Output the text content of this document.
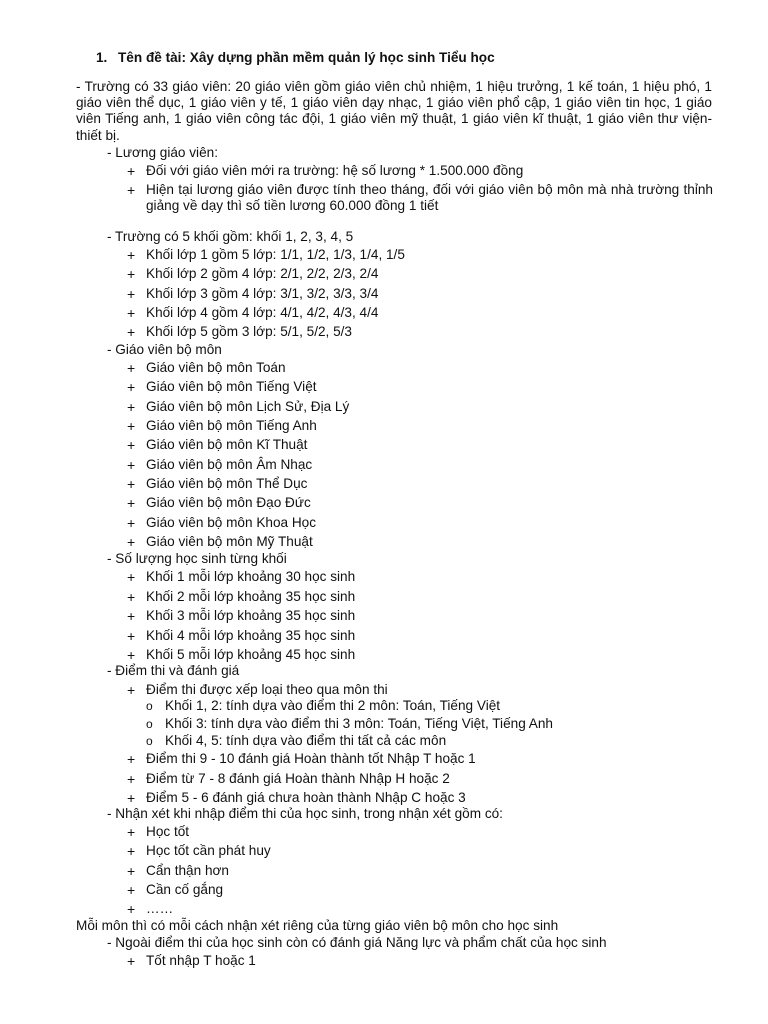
1. Tên đề tài: Xây dựng phần mềm quản lý học sinh Tiểu học
- Trường có 33 giáo viên: 20 giáo viên gồm giáo viên chủ nhiệm, 1 hiệu trưởng, 1 kế toán, 1 hiệu phó, 1 giáo viên thể dục, 1 giáo viên y tế, 1 giáo viên dạy nhạc, 1 giáo viên phổ cập, 1 giáo viên tin học, 1 giáo viên Tiếng anh, 1 giáo viên công tác đội, 1 giáo viên mỹ thuật, 1 giáo viên kĩ thuật, 1 giáo viên thư viện-thiết bị.
- Lương giáo viên:
+ Đối với giáo viên mới ra trường: hệ số lương * 1.500.000 đồng
+ Hiện tại lương giáo viên được tính theo tháng, đối với giáo viên bộ môn mà nhà trường thỉnh giảng về dạy thì số tiền lương 60.000 đồng 1 tiết
- Trường có 5 khối gồm: khối 1, 2, 3, 4, 5
+ Khối lớp 1 gồm 5 lớp: 1/1, 1/2, 1/3, 1/4, 1/5
+ Khối lớp 2 gồm 4 lớp: 2/1, 2/2, 2/3, 2/4
+ Khối lớp 3 gồm 4 lớp: 3/1, 3/2, 3/3, 3/4
+ Khối lớp 4 gồm 4 lớp: 4/1, 4/2, 4/3, 4/4
+ Khối lớp 5 gồm 3 lớp: 5/1, 5/2, 5/3
- Giáo viên bộ môn
+ Giáo viên bộ môn Toán
+ Giáo viên bộ môn Tiếng Việt
+ Giáo viên bộ môn Lịch Sử, Địa Lý
+ Giáo viên bộ môn Tiếng Anh
+ Giáo viên bộ môn Kĩ Thuật
+ Giáo viên bộ môn Âm Nhạc
+ Giáo viên bộ môn Thể Dục
+ Giáo viên bộ môn Đạo Đức
+ Giáo viên bộ môn Khoa Học
+ Giáo viên bộ môn Mỹ Thuật
- Số lượng học sinh từng khối
+ Khối 1 mỗi lớp khoảng 30 học sinh
+ Khối 2 mỗi lớp khoảng 35 học sinh
+ Khối 3 mỗi lớp khoảng 35 học sinh
+ Khối 4 mỗi lớp khoảng 35 học sinh
+ Khối 5 mỗi lớp khoảng 45 học sinh
- Điểm thi và đánh giá
+ Điểm thi được xếp loại theo qua môn thi
o Khối 1, 2: tính dựa vào điểm thi 2 môn: Toán, Tiếng Việt
o Khối 3: tính dựa vào điểm thi 3 môn: Toán, Tiếng Việt, Tiếng Anh
o Khối 4, 5: tính dựa vào điểm thi tất cả các môn
+ Điểm thi 9 - 10 đánh giá Hoàn thành tốt Nhập T hoặc 1
+ Điểm từ 7 - 8 đánh giá Hoàn thành Nhập H hoặc 2
+ Điểm 5 - 6 đánh giá chưa hoàn thành Nhập C hoặc 3
- Nhận xét khi nhập điểm thi của học sinh, trong nhận xét gồm có:
+ Học tốt
+ Học tốt cần phát huy
+ Cẩn thận hơn
+ Cần cố gắng
+ ……
Mỗi môn thì có mỗi cách nhận xét riêng của từng giáo viên bộ môn cho học sinh
- Ngoài điểm thi của học sinh còn có đánh giá Năng lực và phẩm chất của học sinh
+ Tốt nhập T hoặc 1
